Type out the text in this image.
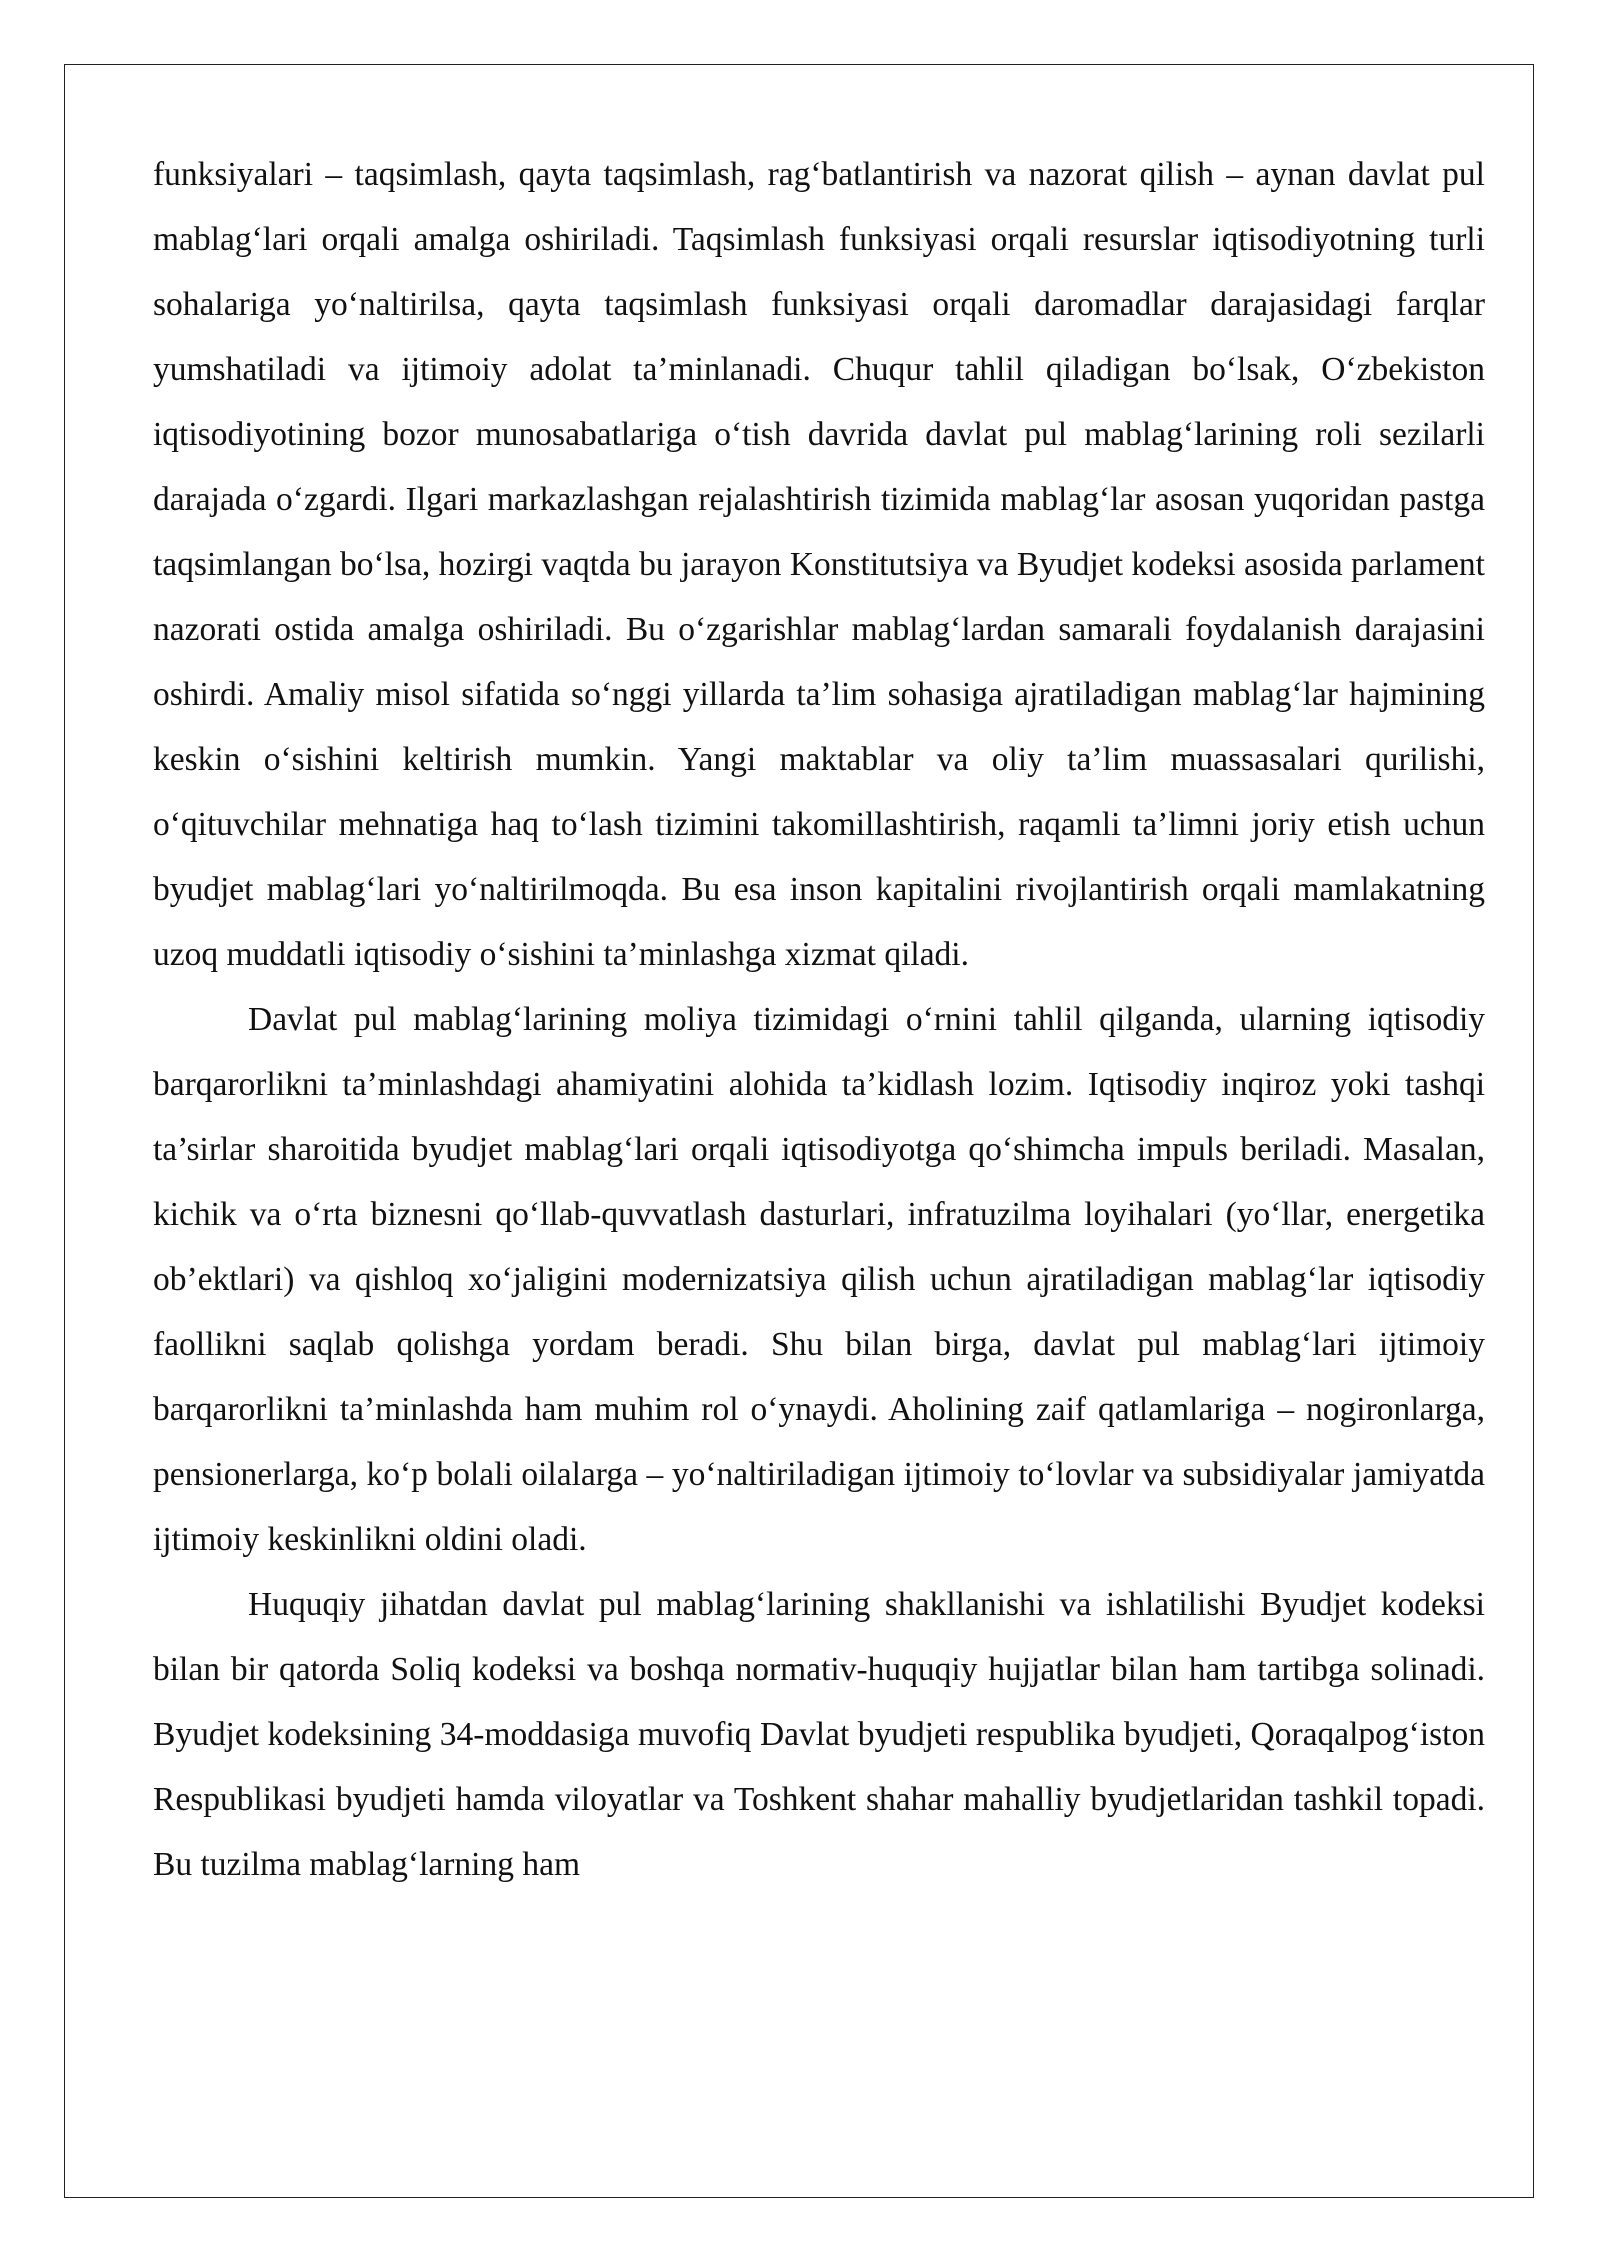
funksiyalari – taqsimlash, qayta taqsimlash, rag‘batlantirish va nazorat qilish – aynan davlat pul mablag‘lari orqali amalga oshiriladi. Taqsimlash funksiyasi orqali resurslar iqtisodiyotning turli sohalariga yo‘naltirilsa, qayta taqsimlash funksiyasi orqali daromadlar darajasidagi farqlar yumshatiladi va ijtimoiy adolat ta’minlanadi. Chuqur tahlil qiladigan bo‘lsak, O‘zbekiston iqtisodiyotining bozor munosabatlariga o‘tish davrida davlat pul mablag‘larining roli sezilarli darajada o‘zgardi. Ilgari markazlashgan rejalashtirish tizimida mablag‘lar asosan yuqoridan pastga taqsimlangan bo‘lsa, hozirgi vaqtda bu jarayon Konstitutsiya va Byudjet kodeksi asosida parlament nazorati ostida amalga oshiriladi. Bu o‘zgarishlar mablag‘lardan samarali foydalanish darajasini oshirdi. Amaliy misol sifatida so‘nggi yillarda ta’lim sohasiga ajratiladigan mablag‘lar hajmining keskin o‘sishini keltirish mumkin. Yangi maktablar va oliy ta’lim muassasalari qurilishi, o‘qituvchilar mehnatiga haq to‘lash tizimini takomillashtirish, raqamli ta’limni joriy etish uchun byudjet mablag‘lari yo‘naltirilmoqda. Bu esa inson kapitalini rivojlantirish orqali mamlakatning uzoq muddatli iqtisodiy o‘sishini ta’minlashga xizmat qiladi.

Davlat pul mablag‘larining moliya tizimidagi o‘rnini tahlil qilganda, ularning iqtisodiy barqarorlikni ta’minlashdagi ahamiyatini alohida ta’kidlash lozim. Iqtisodiy inqiroz yoki tashqi ta’sirlar sharoitida byudjet mablag‘lari orqali iqtisodiyotga qo‘shimcha impuls beriladi. Masalan, kichik va o‘rta biznesni qo‘llab-quvvatlash dasturlari, infratuzilma loyihalari (yo‘llar, energetika ob’ektlari) va qishloq xo‘jaligini modernizatsiya qilish uchun ajratiladigan mablag‘lar iqtisodiy faollikni saqlab qolishga yordam beradi. Shu bilan birga, davlat pul mablag‘lari ijtimoiy barqarorlikni ta’minlashda ham muhim rol o‘ynaydi. Aholining zaif qatlamlariga – nogironlarga, pensionerlarga, ko‘p bolali oilalarga – yo‘naltiriladigan ijtimoiy to‘lovlar va subsidiyalar jamiyatda ijtimoiy keskinlikni oldini oladi.

Huquqiy jihatdan davlat pul mablag‘larining shakllanishi va ishlatilishi Byudjet kodeksi bilan bir qatorda Soliq kodeksi va boshqa normativ-huquqiy hujjatlar bilan ham tartibga solinadi. Byudjet kodeksining 34-moddasiga muvofiq Davlat byudjeti respublika byudjeti, Qoraqalpog‘iston Respublikasi byudjeti hamda viloyatlar va Toshkent shahar mahalliy byudjetlaridan tashkil topadi. Bu tuzilma mablag‘larning ham
